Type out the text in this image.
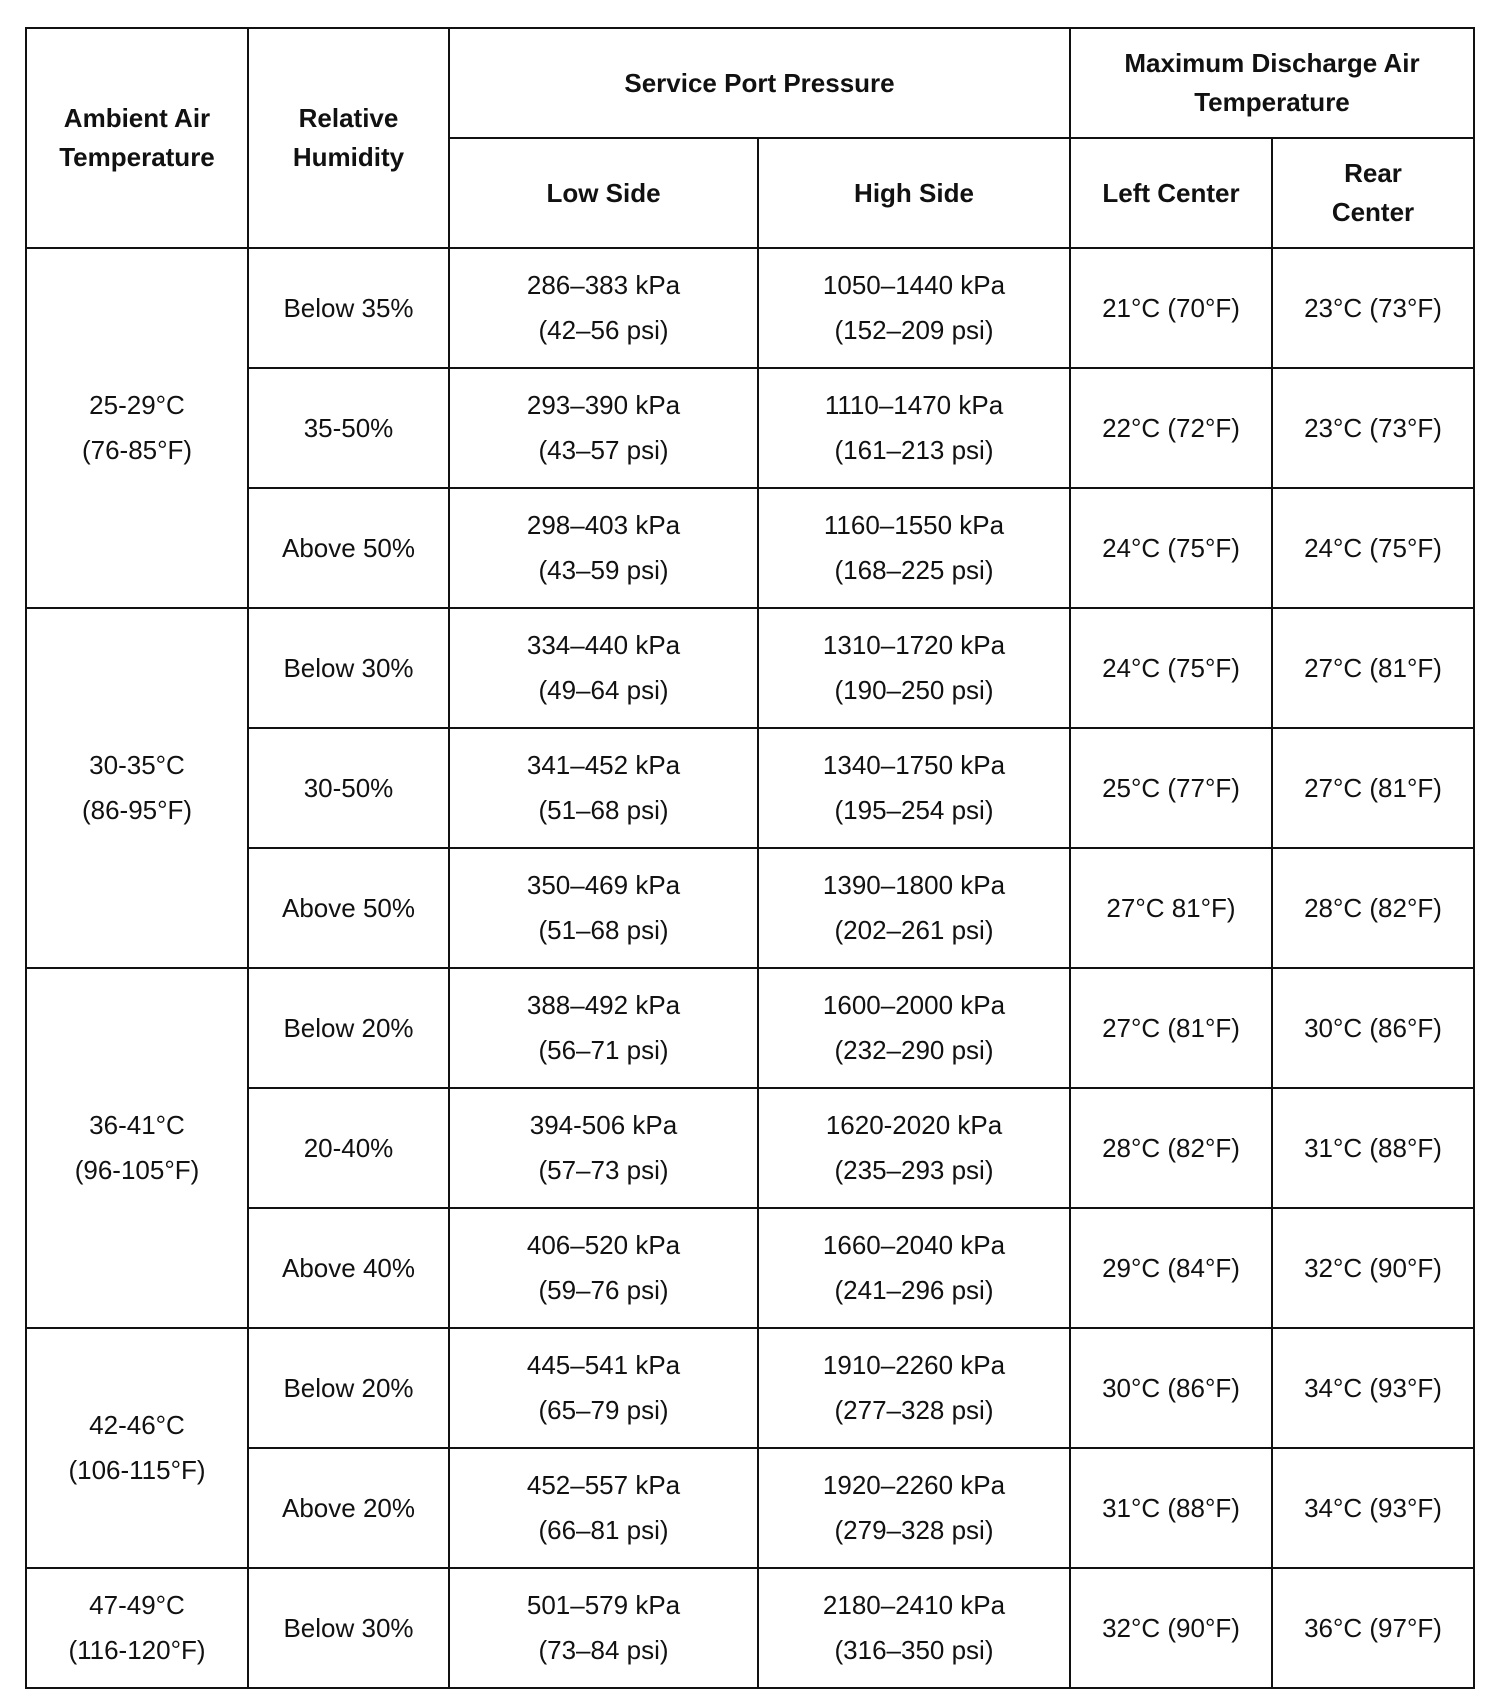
Ambient Air
Temperature	Relative
Humidity	Service Port Pressure		Maximum Discharge Air
Temperature	

		Low Side	High Side	Left Center	Rear
Center

25-29°C
(76-85°F)	Below 35%	286–383 kPa
(42–56 psi)	1050–1440 kPa
(152–209 psi)	21°C (70°F)	23°C (73°F)
	35-50%	293–390 kPa
(43–57 psi)	1110–1470 kPa
(161–213 psi)	22°C (72°F)	23°C (73°F)
	Above 50%	298–403 kPa
(43–59 psi)	1160–1550 kPa
(168–225 psi)	24°C (75°F)	24°C (75°F)

30-35°C
(86-95°F)	Below 30%	334–440 kPa
(49–64 psi)	1310–1720 kPa
(190–250 psi)	24°C (75°F)	27°C (81°F)
	30-50%	341–452 kPa
(51–68 psi)	1340–1750 kPa
(195–254 psi)	25°C (77°F)	27°C (81°F)
	Above 50%	350–469 kPa
(51–68 psi)	1390–1800 kPa
(202–261 psi)	27°C 81°F)	28°C (82°F)

36-41°C
(96-105°F)	Below 20%	388–492 kPa
(56–71 psi)	1600–2000 kPa
(232–290 psi)	27°C (81°F)	30°C (86°F)
	20-40%	394-506 kPa
(57–73 psi)	1620-2020 kPa
(235–293 psi)	28°C (82°F)	31°C (88°F)
	Above 40%	406–520 kPa
(59–76 psi)	1660–2040 kPa
(241–296 psi)	29°C (84°F)	32°C (90°F)

42-46°C
(106-115°F)	Below 20%	445–541 kPa
(65–79 psi)	1910–2260 kPa
(277–328 psi)	30°C (86°F)	34°C (93°F)
	Above 20%	452–557 kPa
(66–81 psi)	1920–2260 kPa
(279–328 psi)	31°C (88°F)	34°C (93°F)

47-49°C
(116-120°F)	Below 30%	501–579 kPa
(73–84 psi)	2180–2410 kPa
(316–350 psi)	32°C (90°F)	36°C (97°F)
